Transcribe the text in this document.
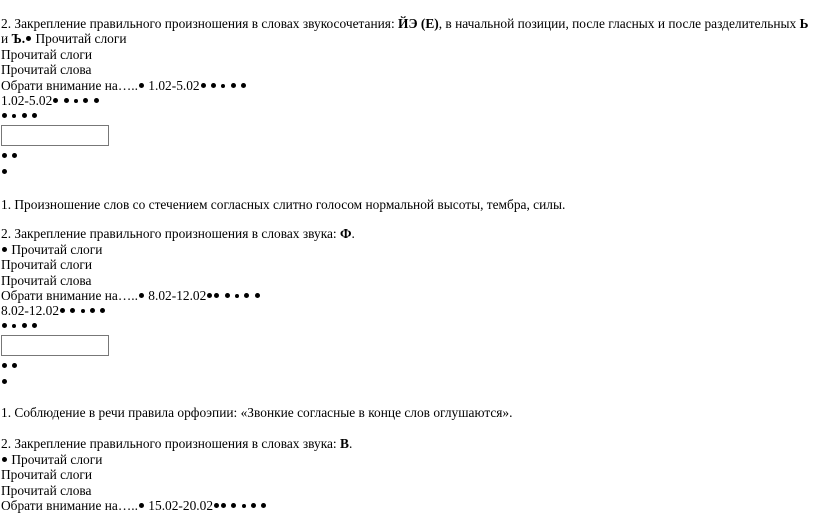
2. Закрепление правильного произношения в словах звукосочетания: ЙЭ (Е), в начальной позиции, после гласных и после разделительных Ь
и Ъ. Прочитай слоги
Прочитай слоги
Прочитай слова
Обрати внимание на….. 1.02-5.02
1.02-5.02

1. Произношение слов со стечением согласных слитно голосом нормальной высоты, тембра, силы.
2. Закрепление правильного произношения в словах звука: Ф.
Прочитай слоги
Прочитай слоги
Прочитай слова
Обрати внимание на….. 8.02-12.02
8.02-12.02

1. Соблюдение в речи правила орфоэпии: «Звонкие согласные в конце слов оглушаются».
2. Закрепление правильного произношения в словах звука: В.
Прочитай слоги
Прочитай слоги
Прочитай слова
Обрати внимание на….. 15.02-20.02
